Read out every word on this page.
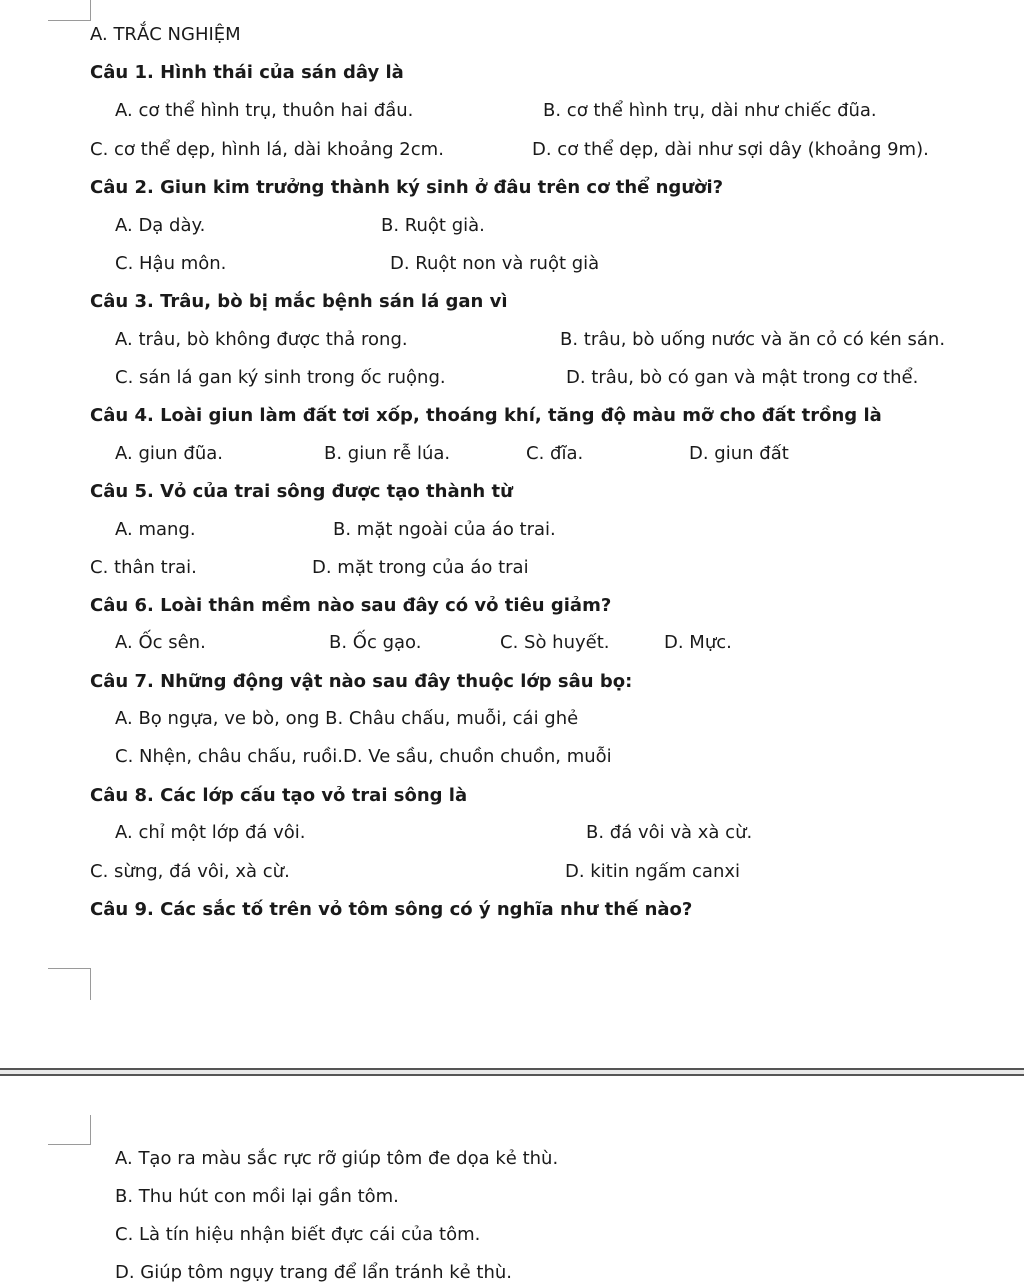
A. TRẮC NGHIỆM
Câu 1. Hình thái của sán dây là
A. cơ thể hình trụ, thuôn hai đầu.	B. cơ thể hình trụ, dài như chiếc đũa.
C. cơ thể dẹp, hình lá, dài khoảng 2cm.	D. cơ thể dẹp, dài như sợi dây (khoảng 9m).
Câu 2. Giun kim trưởng thành ký sinh ở đâu trên cơ thể người?
A. Dạ dày.	B. Ruột già.
C. Hậu môn.	D. Ruột non và ruột già
Câu 3. Trâu, bò bị mắc bệnh sán lá gan vì
A. trâu, bò không được thả rong.	B. trâu, bò uống nước và ăn cỏ có kén sán.
C. sán lá gan ký sinh trong ốc ruộng.	D. trâu, bò có gan và mật trong cơ thể.
Câu 4. Loài giun làm đất tơi xốp, thoáng khí, tăng độ màu mỡ cho đất trồng là
A. giun đũa.	B. giun rễ lúa.	C. đĩa.	D. giun đất
Câu 5. Vỏ của trai sông được tạo thành từ
A. mang.	B. mặt ngoài của áo trai.
C. thân trai.	D. mặt trong của áo trai
Câu 6. Loài thân mềm nào sau đây có vỏ tiêu giảm?
A. Ốc sên.	B. Ốc gạo.	C. Sò huyết.	D. Mực.
Câu 7. Những động vật nào sau đây thuộc lớp sâu bọ:
A. Bọ ngựa, ve bò, ong B. Châu chấu, muỗi, cái ghẻ
C. Nhện, châu chấu, ruồi.D. Ve sầu, chuồn chuồn, muỗi
Câu 8. Các lớp cấu tạo vỏ trai sông là
A. chỉ một lớp đá vôi.	B. đá vôi và xà cừ.
C. sừng, đá vôi, xà cừ.	D. kitin ngấm canxi
Câu 9. Các sắc tố trên vỏ tôm sông có ý nghĩa như thế nào?
A. Tạo ra màu sắc rực rỡ giúp tôm đe dọa kẻ thù.
B. Thu hút con mồi lại gần tôm.
C. Là tín hiệu nhận biết đực cái của tôm.
D. Giúp tôm ngụy trang để lẩn tránh kẻ thù.
